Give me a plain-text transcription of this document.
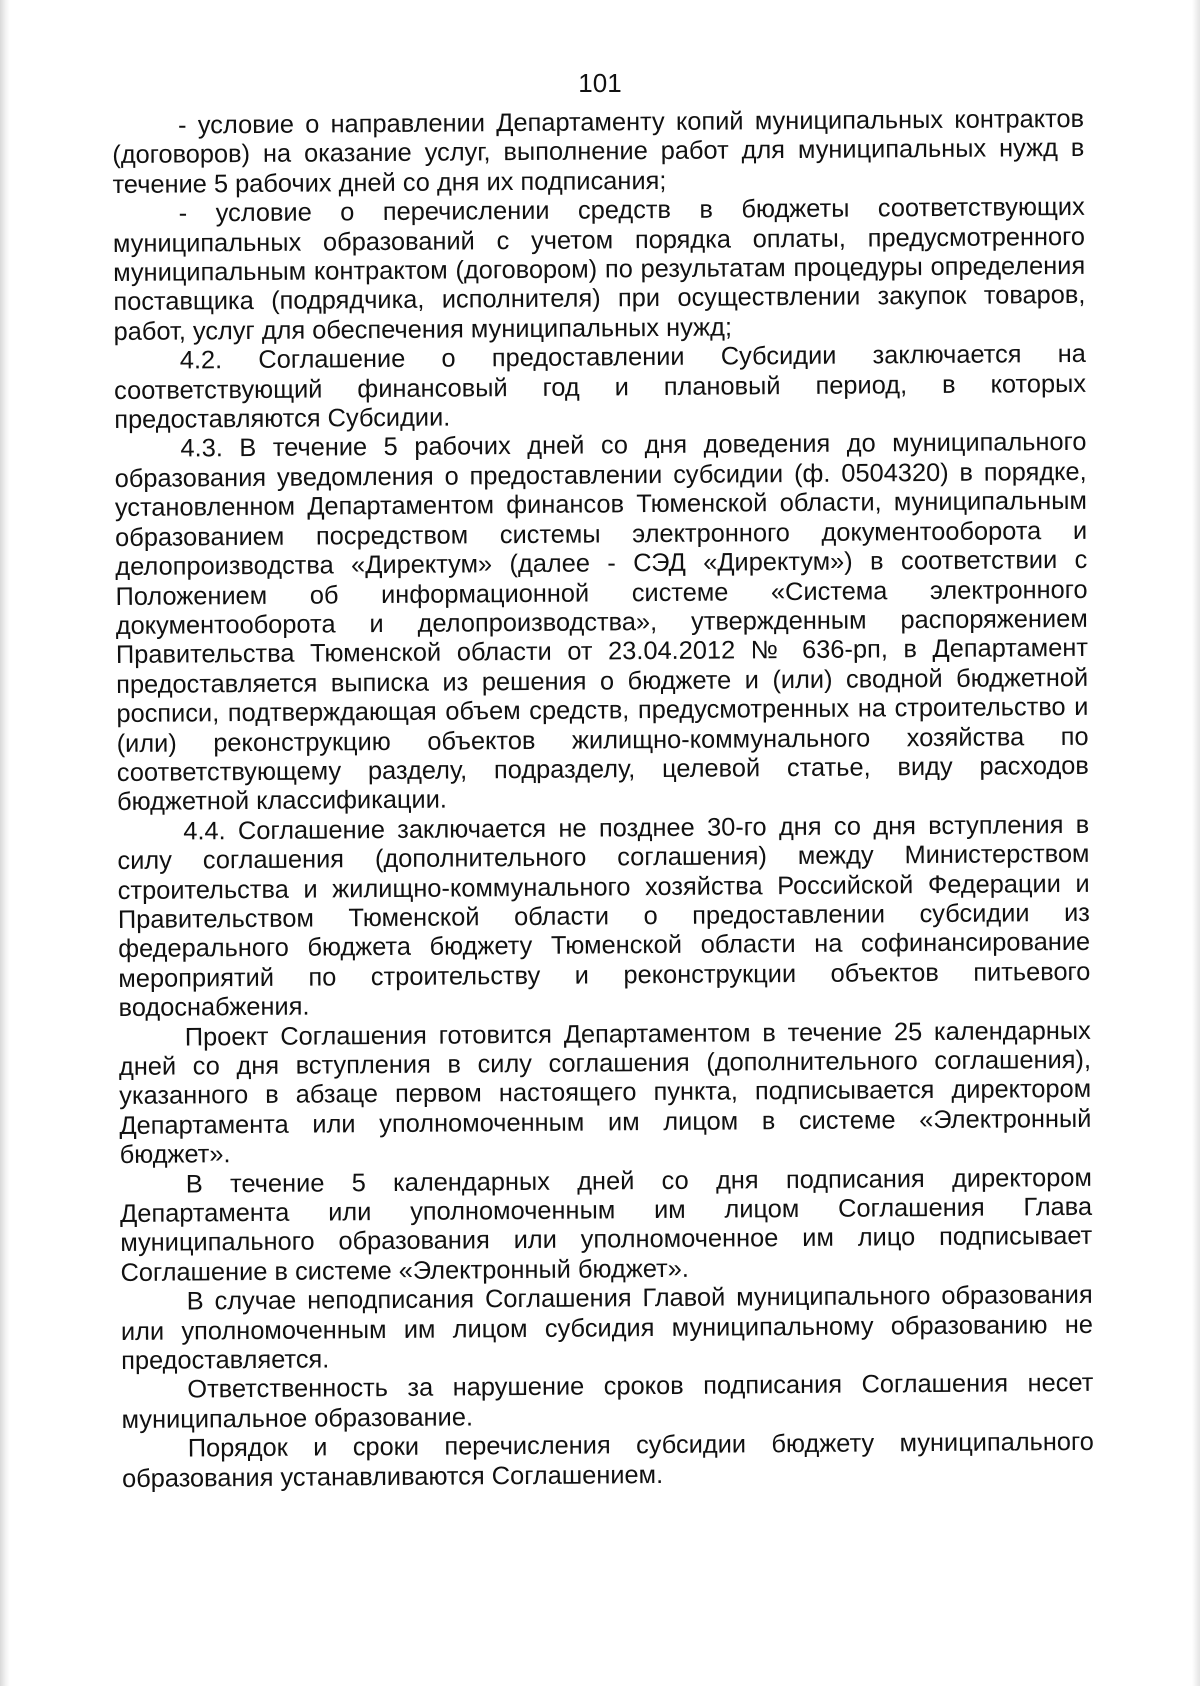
101

- условие о направлении Департаменту копий муниципальных контрактов (договоров) на оказание услуг, выполнение работ для муниципальных нужд в течение 5 рабочих дней со дня их подписания;

- условие о перечислении средств в бюджеты соответствующих муниципальных образований с учетом порядка оплаты, предусмотренного муниципальным контрактом (договором) по результатам процедуры определения поставщика (подрядчика, исполнителя) при осуществлении закупок товаров, работ, услуг для обеспечения муниципальных нужд;

4.2. Соглашение о предоставлении Субсидии заключается на соответствующий финансовый год и плановый период, в которых предоставляются Субсидии.

4.3. В течение 5 рабочих дней со дня доведения до муниципального образования уведомления о предоставлении субсидии (ф. 0504320) в порядке, установленном Департаментом финансов Тюменской области, муниципальным образованием посредством системы электронного документооборота и делопроизводства «Директум» (далее - СЭД «Директум») в соответствии с Положением об информационной системе «Система электронного документооборота и делопроизводства», утвержденным распоряжением Правительства Тюменской области от 23.04.2012 № 636-рп, в Департамент предоставляется выписка из решения о бюджете и (или) сводной бюджетной росписи, подтверждающая объем средств, предусмотренных на строительство и (или) реконструкцию объектов жилищно-коммунального хозяйства по соответствующему разделу, подразделу, целевой статье, виду расходов бюджетной классификации.

4.4. Соглашение заключается не позднее 30-го дня со дня вступления в силу соглашения (дополнительного соглашения) между Министерством строительства и жилищно-коммунального хозяйства Российской Федерации и Правительством Тюменской области о предоставлении субсидии из федерального бюджета бюджету Тюменской области на софинансирование мероприятий по строительству и реконструкции объектов питьевого водоснабжения.

Проект Соглашения готовится Департаментом в течение 25 календарных дней со дня вступления в силу соглашения (дополнительного соглашения), указанного в абзаце первом настоящего пункта, подписывается директором Департамента или уполномоченным им лицом в системе «Электронный бюджет».

В течение 5 календарных дней со дня подписания директором Департамента или уполномоченным им лицом Соглашения Глава муниципального образования или уполномоченное им лицо подписывает Соглашение в системе «Электронный бюджет».

В случае неподписания Соглашения Главой муниципального образования или уполномоченным им лицом субсидия муниципальному образованию не предоставляется.

Ответственность за нарушение сроков подписания Соглашения несет муниципальное образование.

Порядок и сроки перечисления субсидии бюджету муниципального образования устанавливаются Соглашением.
